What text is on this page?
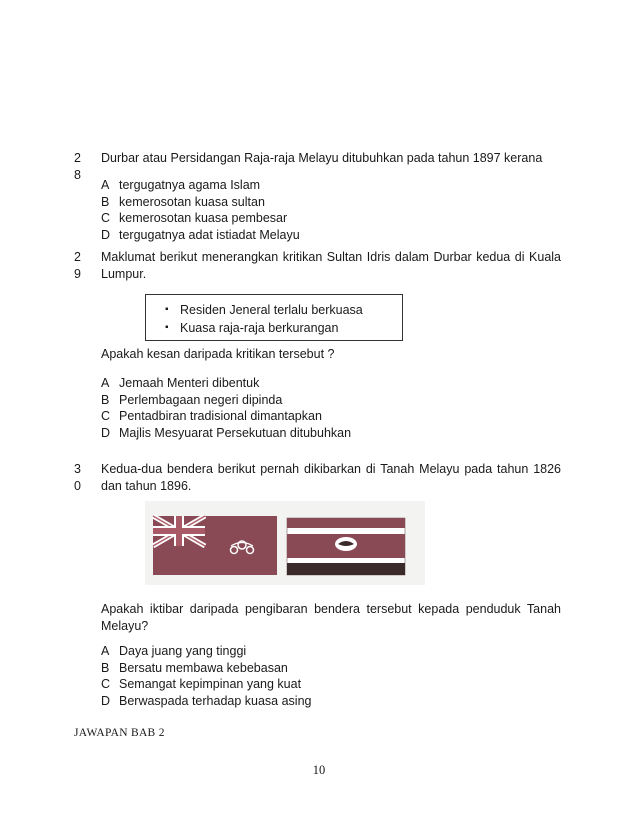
2
8
Durbar atau Persidangan Raja-raja Melayu ditubuhkan pada tahun 1897 kerana
A tergugatnya agama Islam
B kemerosotan kuasa sultan
C kemerosotan kuasa pembesar
D tergugatnya adat istiadat Melayu
2
9
Maklumat berikut menerangkan kritikan Sultan Idris dalam Durbar kedua di Kuala Lumpur.
▪ Residen Jeneral terlalu berkuasa
▪ Kuasa raja-raja berkurangan
Apakah kesan daripada kritikan tersebut ?
A Jemaah Menteri dibentuk
B Perlembagaan negeri dipinda
C Pentadbiran tradisional dimantapkan
D Majlis Mesyuarat Persekutuan ditubuhkan
3
0
Kedua-dua bendera berikut pernah dikibarkan di Tanah Melayu pada tahun 1826 dan tahun 1896.
Apakah iktibar daripada pengibaran bendera tersebut kepada penduduk Tanah Melayu?
A Daya juang yang tinggi
B Bersatu membawa kebebasan
C Semangat kepimpinan yang kuat
D Berwaspada terhadap kuasa asing
JAWAPAN BAB 2
10
